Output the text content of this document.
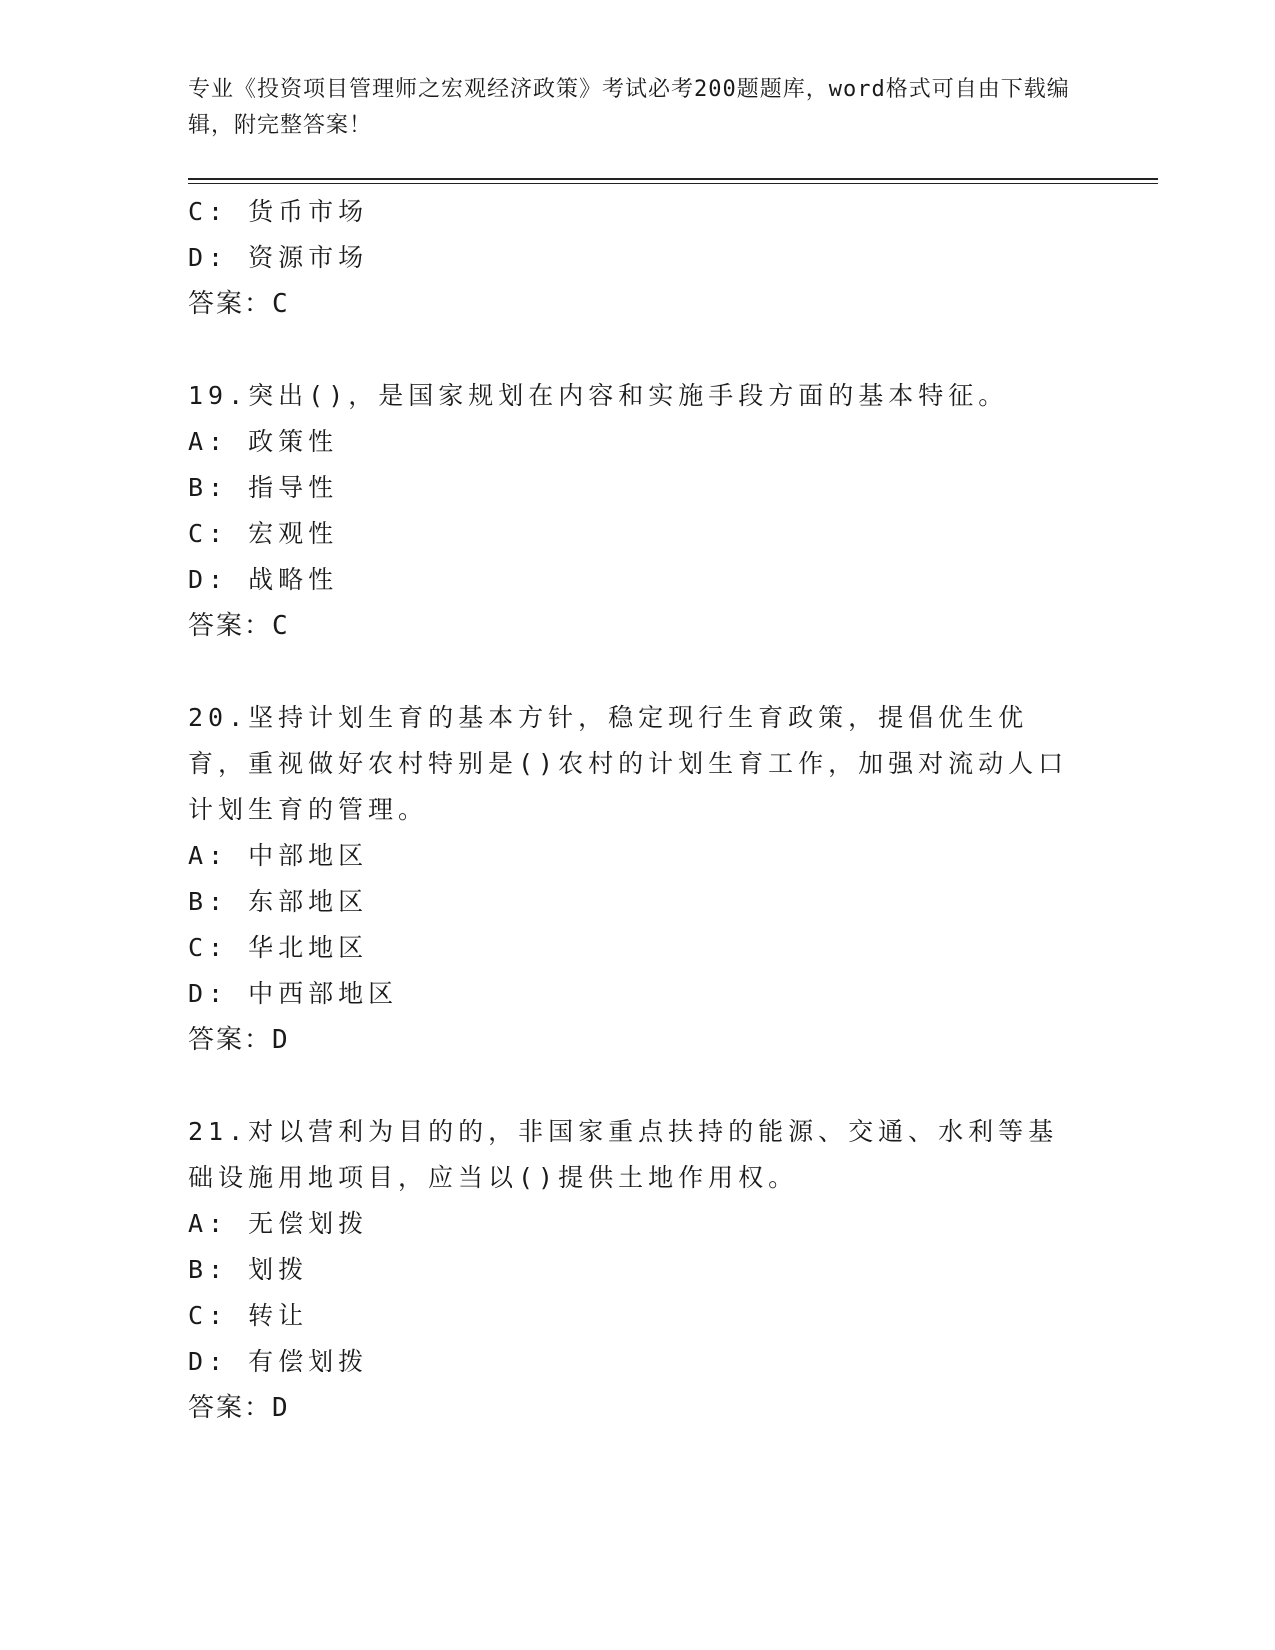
专业《投资项目管理师之宏观经济政策》考试必考200题题库，word格式可自由下载编辑，附完整答案！
C: 货币市场
D: 资源市场
答案：C
19.突出()，是国家规划在内容和实施手段方面的基本特征。
A: 政策性
B: 指导性
C: 宏观性
D: 战略性
答案：C
20.坚持计划生育的基本方针，稳定现行生育政策，提倡优生优育，重视做好农村特别是()农村的计划生育工作，加强对流动人口计划生育的管理。
A: 中部地区
B: 东部地区
C: 华北地区
D: 中西部地区
答案：D
21.对以营利为目的的，非国家重点扶持的能源、交通、水利等基础设施用地项目，应当以()提供土地作用权。
A: 无偿划拨
B: 划拨
C: 转让
D: 有偿划拨
答案：D
